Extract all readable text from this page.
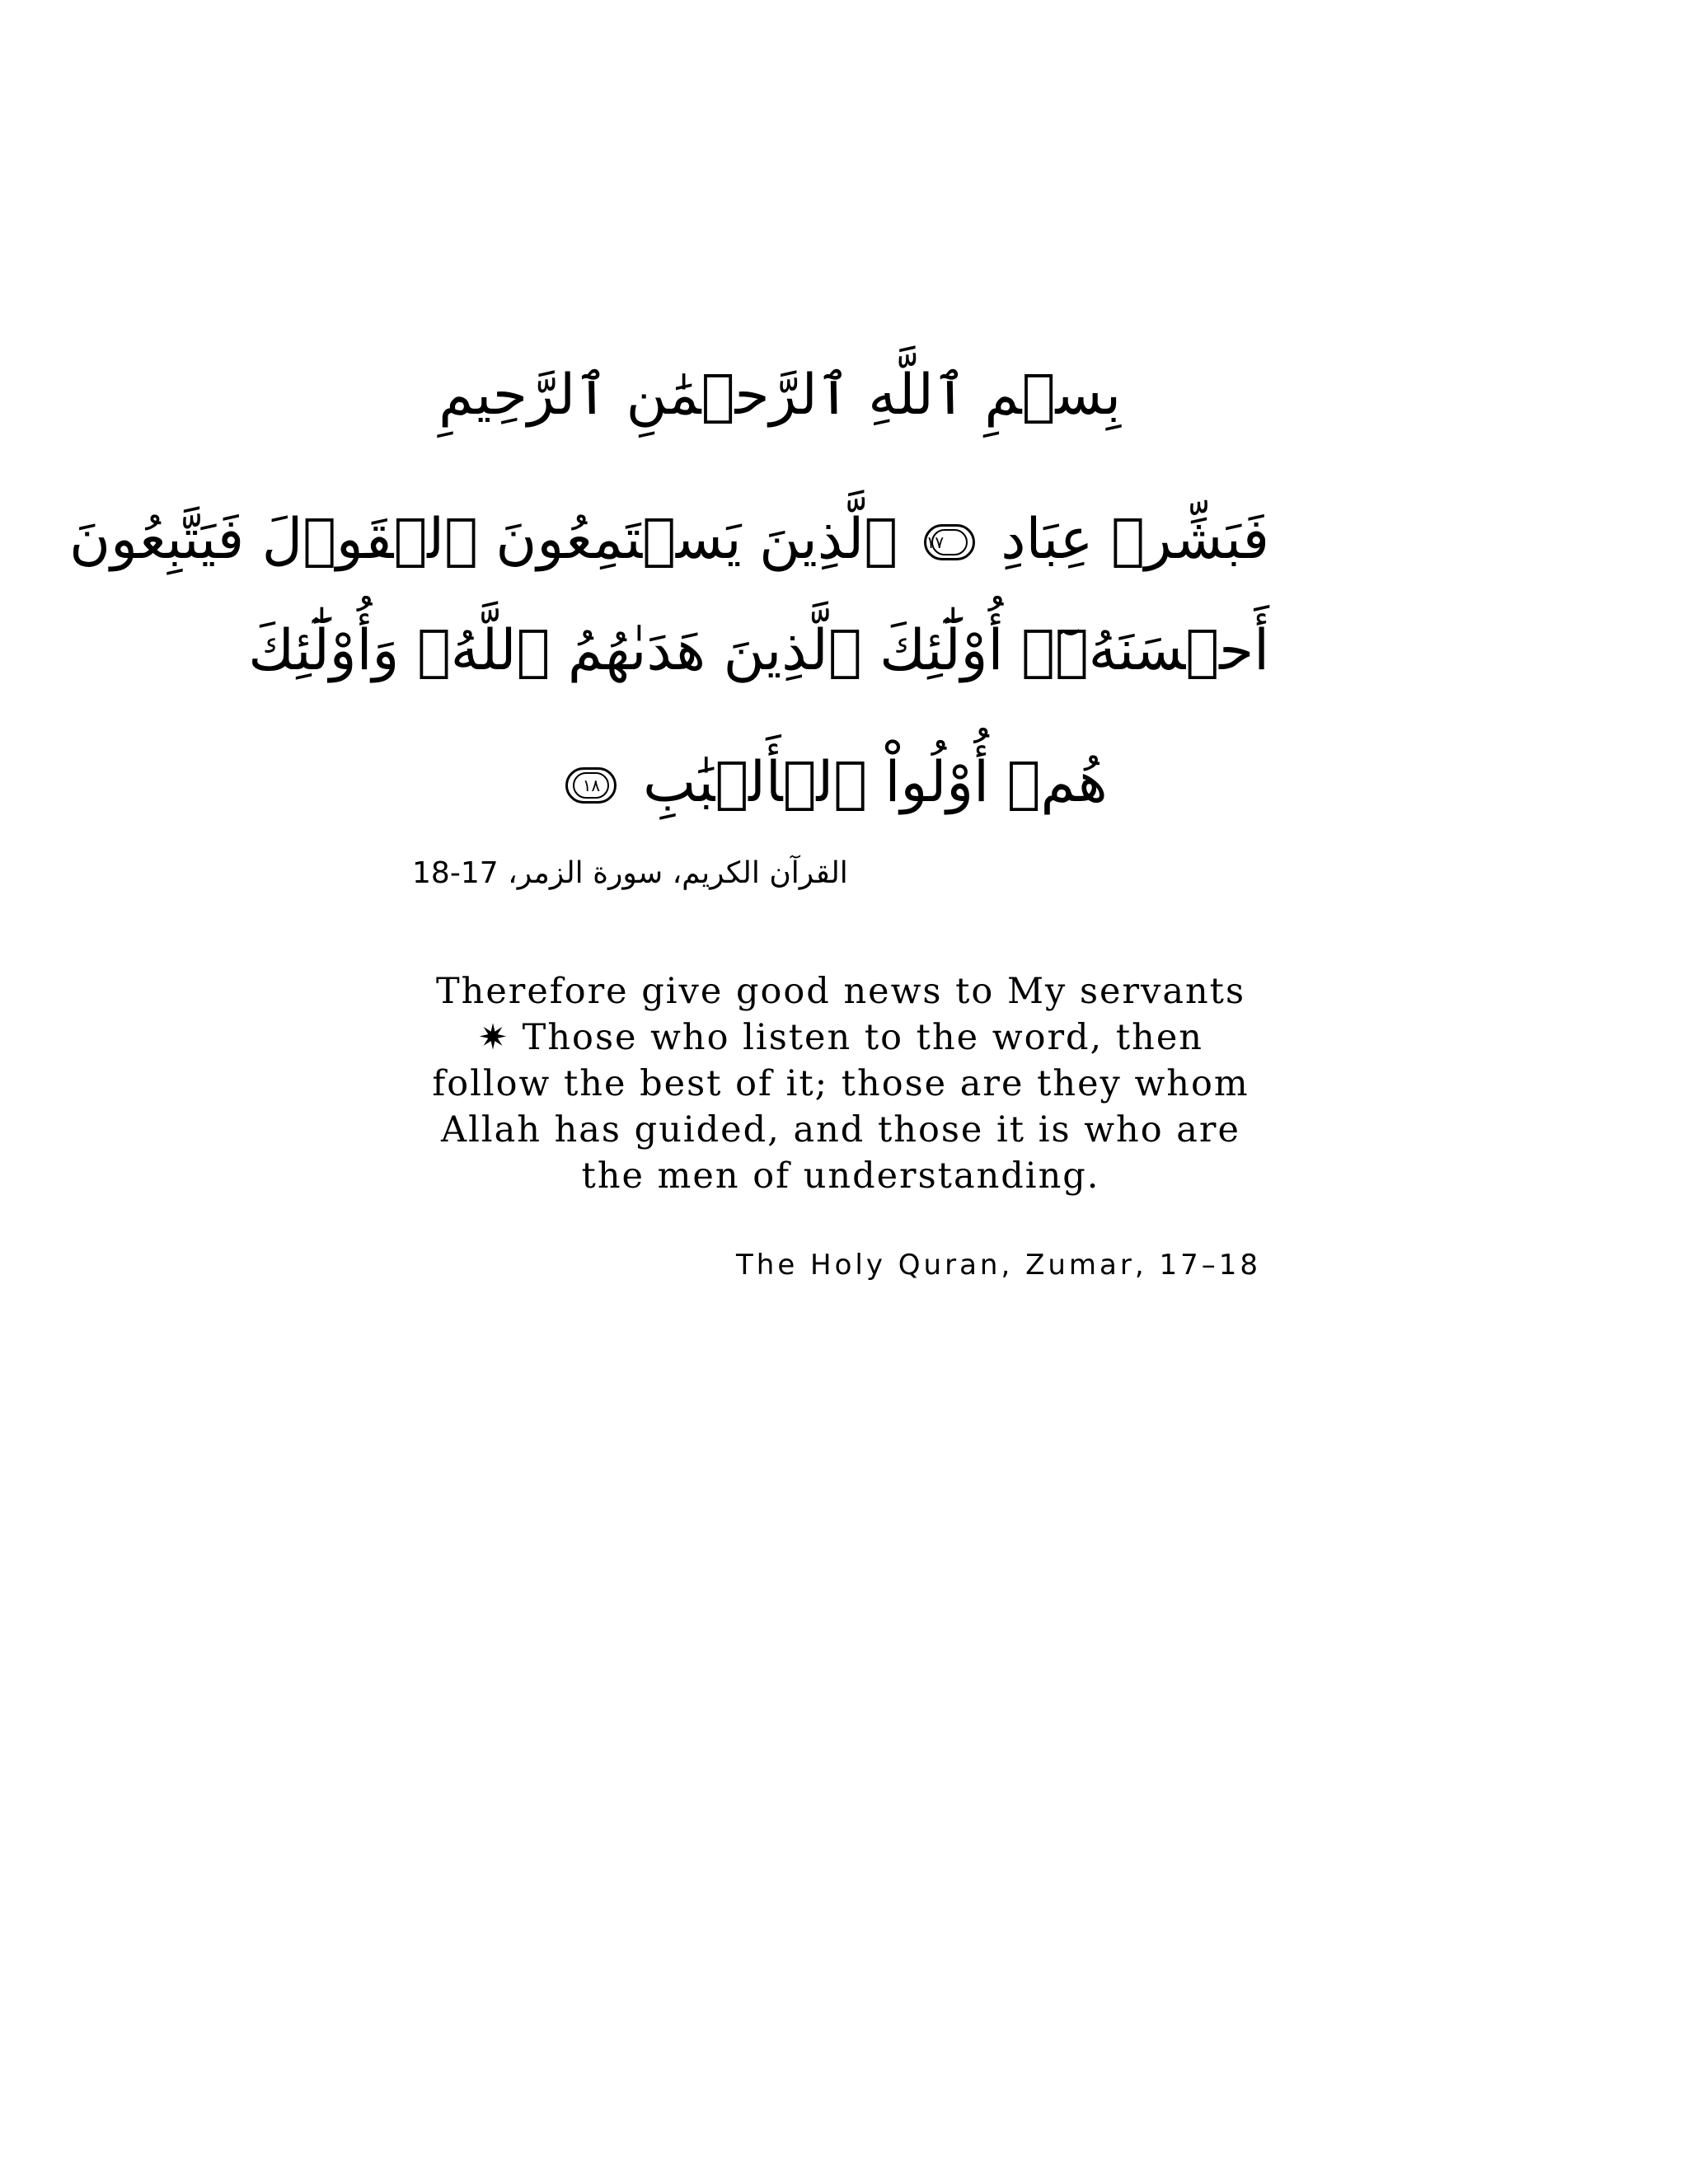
بِسۡمِ ٱللَّهِ ٱلرَّحۡمَٰنِ ٱلرَّحِيمِ
فَبَشِّرۡ عِبَادِ ١٧ ٱلَّذِينَ يَسۡتَمِعُونَ ٱلۡقَوۡلَ فَيَتَّبِعُونَ
أَحۡسَنَهُۥٓۚ أُوْلَٰٓئِكَ ٱلَّذِينَ هَدَىٰهُمُ ٱللَّهُۖ وَأُوْلَٰٓئِكَ
هُمۡ أُوْلُواْ ٱلۡأَلۡبَٰبِ ١٨
القرآن الكريم، سورة الزمر، 17-18
Therefore give good news to My servants
✷ Those who listen to the word, then
follow the best of it; those are they whom
Allah has guided, and those it is who are
the men of understanding.
The Holy Quran, Zumar, 17–18
